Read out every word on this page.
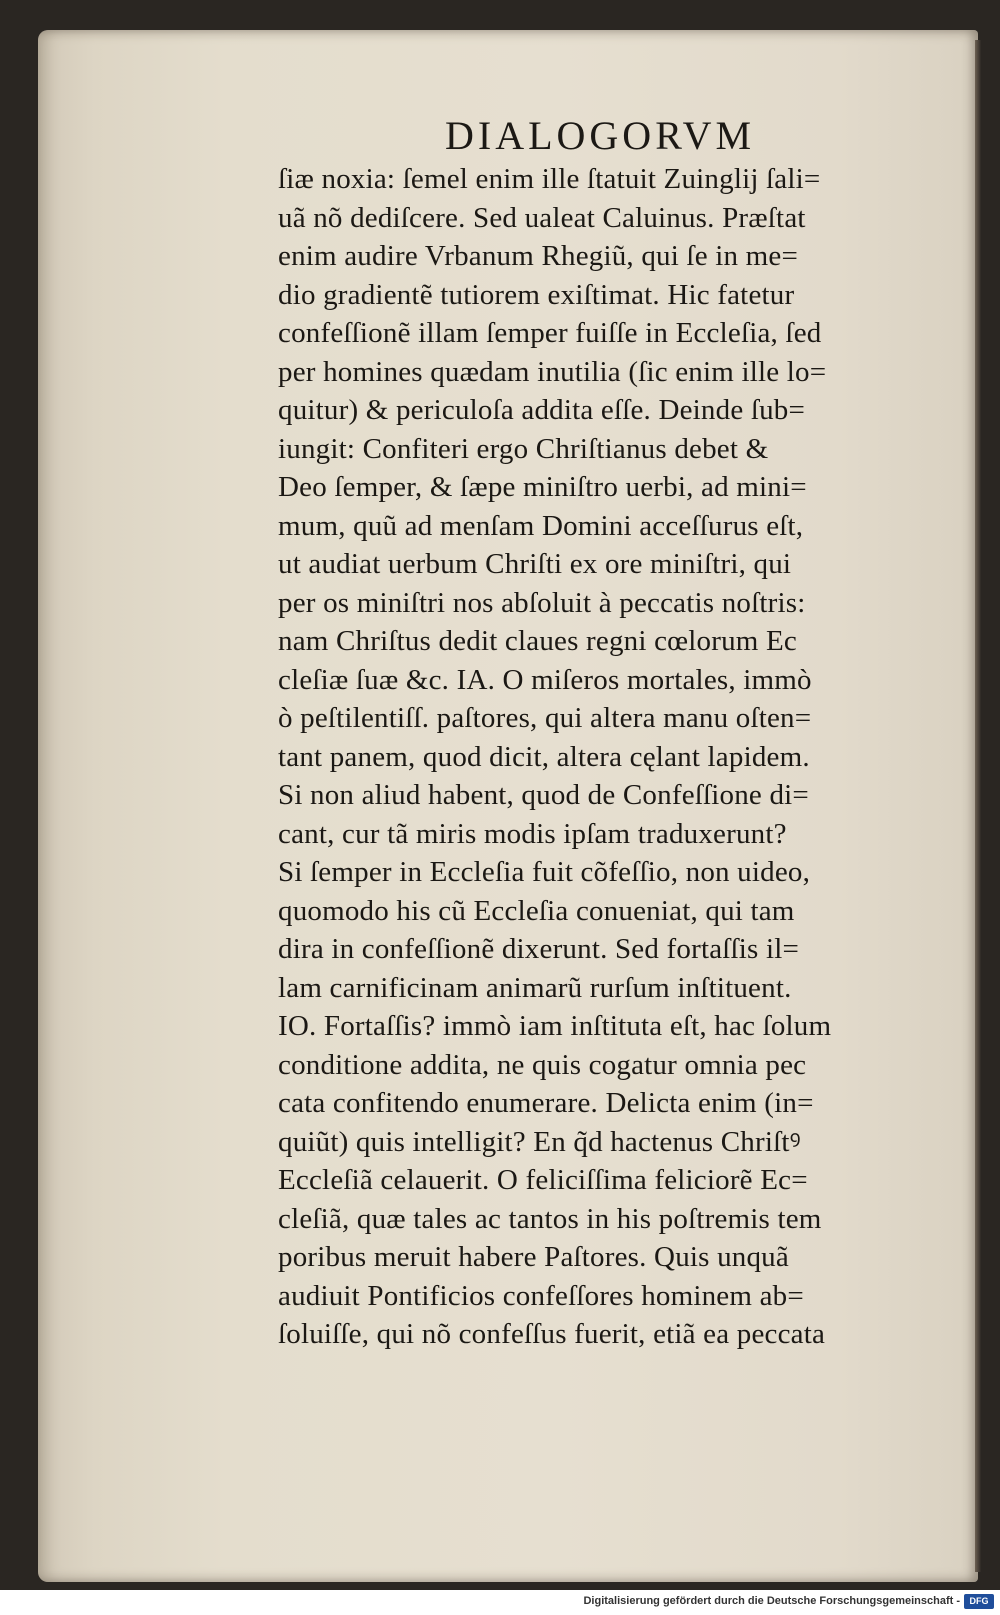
DIALOGORVM
ſiæ noxia: ſemel enim ille ſtatuit Zuinglij ſali=
uã nõ dediſcere. Sed ualeat Caluinus. Præſtat
enim audire Vrbanum Rhegiũ, qui ſe in me=
dio gradientẽ tutiorem exiſtimat. Hic fatetur
confeſſionẽ illam ſemper fuiſſe in Eccleſia, ſed
per homines quædam inutilia (ſic enim ille lo=
quitur) & periculoſa addita eſſe. Deinde ſub=
iungit: Confiteri ergo Chriſtianus debet &
Deo ſemper, & ſæpe miniſtro uerbi, ad mini=
mum, quũ ad menſam Domini acceſſurus eſt,
ut audiat uerbum Chriſti ex ore miniſtri, qui
per os miniſtri nos abſoluit à peccatis noſtris:
nam Chriſtus dedit claues regni cœlorum Ec
cleſiæ ſuæ &c. IA. O miſeros mortales, immò
ò peſtilentiſſ. paſtores, qui altera manu oſten=
tant panem, quod dicit, altera cęlant lapidem.
Si non aliud habent, quod de Confeſſione di=
cant, cur tã miris modis ipſam traduxerunt?
Si ſemper in Eccleſia fuit cõfeſſio, non uideo,
quomodo his cũ Eccleſia conueniat, qui tam
dira in confeſſionẽ dixerunt. Sed fortaſſis il=
lam carnificinam animarũ rurſum inſtituent.
IO. Fortaſſis? immò iam inſtituta eſt, hac ſolum
conditione addita, ne quis cogatur omnia pec
cata confitendo enumerare. Delicta enim (in=
quiũt) quis intelligit? En q̃d hactenus Chriſtꝰ
Eccleſiã celauerit. O feliciſſima feliciorẽ Ec=
cleſiã, quæ tales ac tantos in his poſtremis tem
poribus meruit habere Paſtores. Quis unquã
audiuit Pontificios confeſſores hominem ab=
ſoluiſſe, qui nõ confeſſus fuerit, etiã ea peccata
Digitalisierung gefördert durch die Deutsche Forschungsgemeinschaft -	DFG
